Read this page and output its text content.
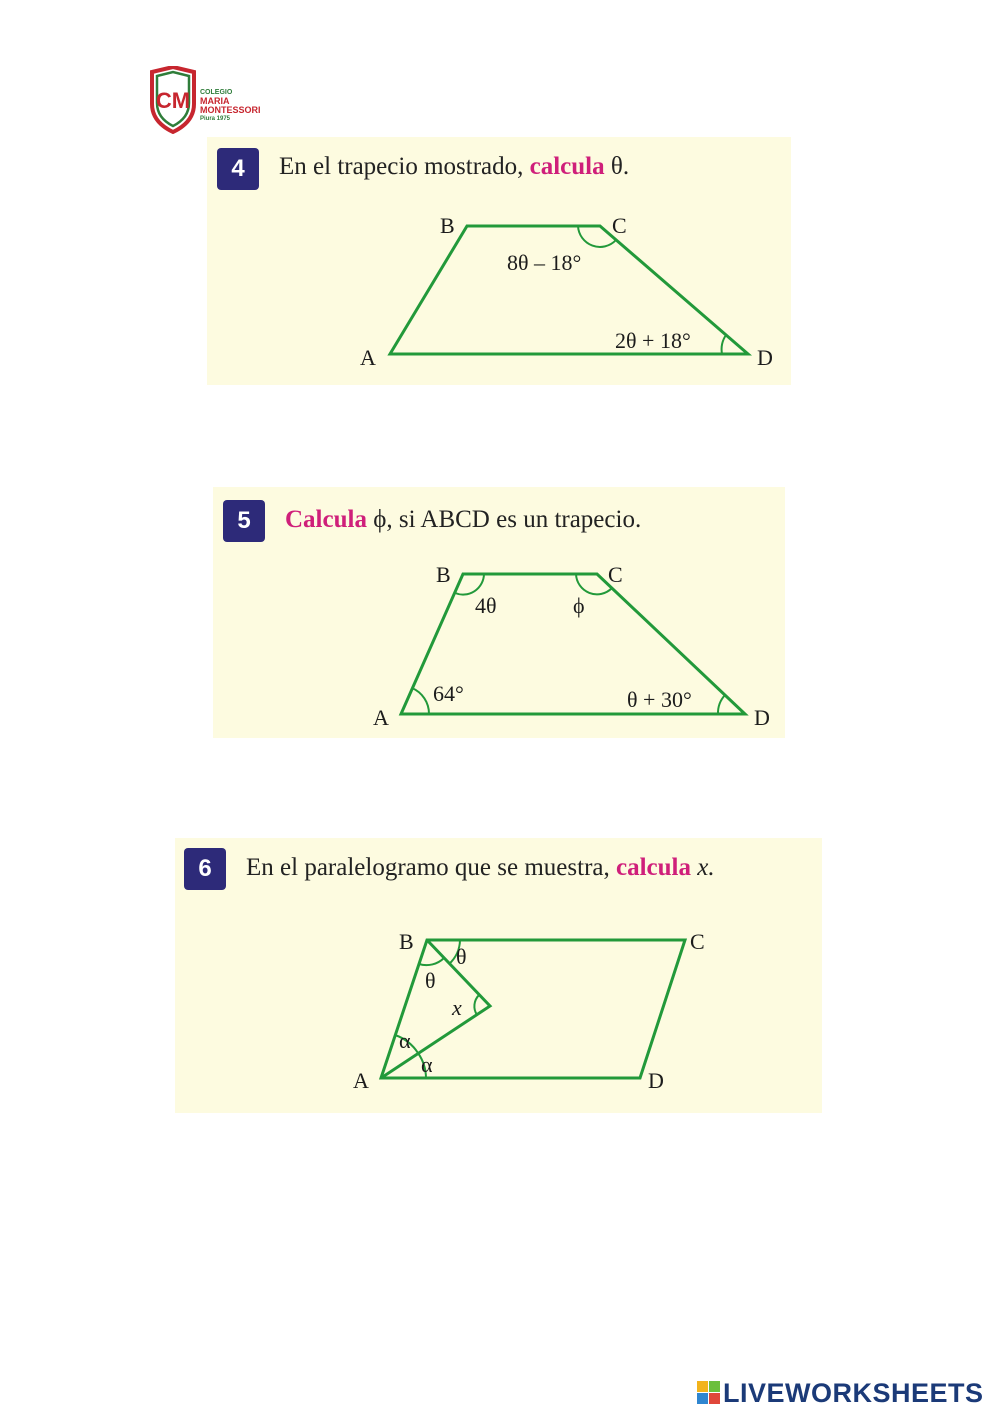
CM COLEGIO
MARIA
MONTESSORI
Piura 1975
4	En el trapecio mostrado, calcula θ.
B	C
A	D
8θ – 18°
2θ + 18°
5	Calcula ϕ, si ABCD es un trapecio.
B	C
A	D
4θ	ϕ
64°	θ + 30°
6	En el paralelogramo que se muestra, calcula x.
B	C
A	D
θ
θ
x
α
α
LIVEWORKSHEETS
